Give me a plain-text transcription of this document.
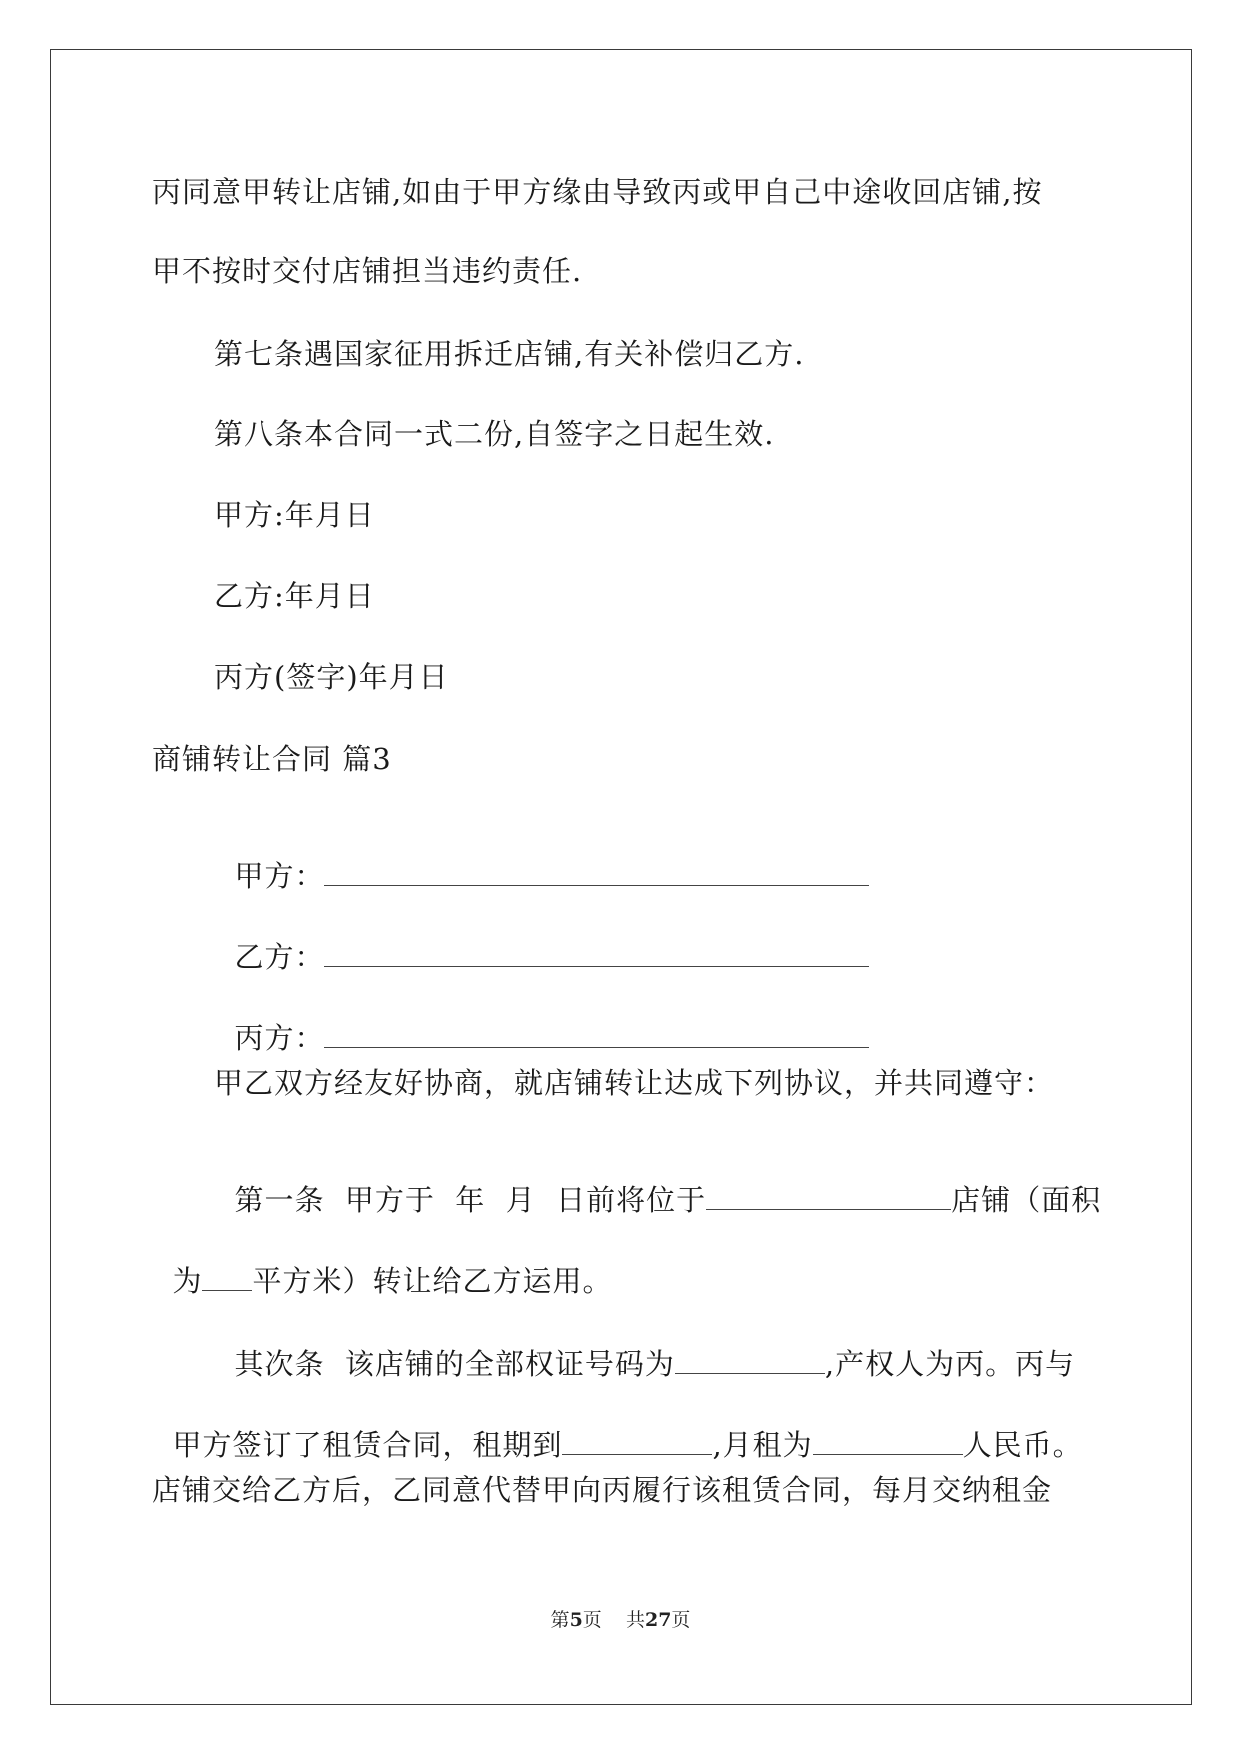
丙同意甲转让店铺,如由于甲方缘由导致丙或甲自己中途收回店铺,按
甲不按时交付店铺担当违约责任.
第七条遇国家征用拆迁店铺,有关补偿归乙方.
第八条本合同一式二份,自签字之日起生效.
甲方:年月日
乙方:年月日
丙方(签字)年月日
商铺转让合同 篇3

甲方：

乙方：

丙方：

甲乙双方经友好协商，就店铺转让达成下列协议，并共同遵守：

第一条  甲方于  年  月  日前将位于	店铺（面积

为 平方米）转让给乙方运用。

其次条  该店铺的全部权证号码为	,产权人为丙。丙与

甲方签订了租赁合同，租期到	,月租为	人民币。

店铺交给乙方后，乙同意代替甲向丙履行该租赁合同，每月交纳租金
第5页    共27页
